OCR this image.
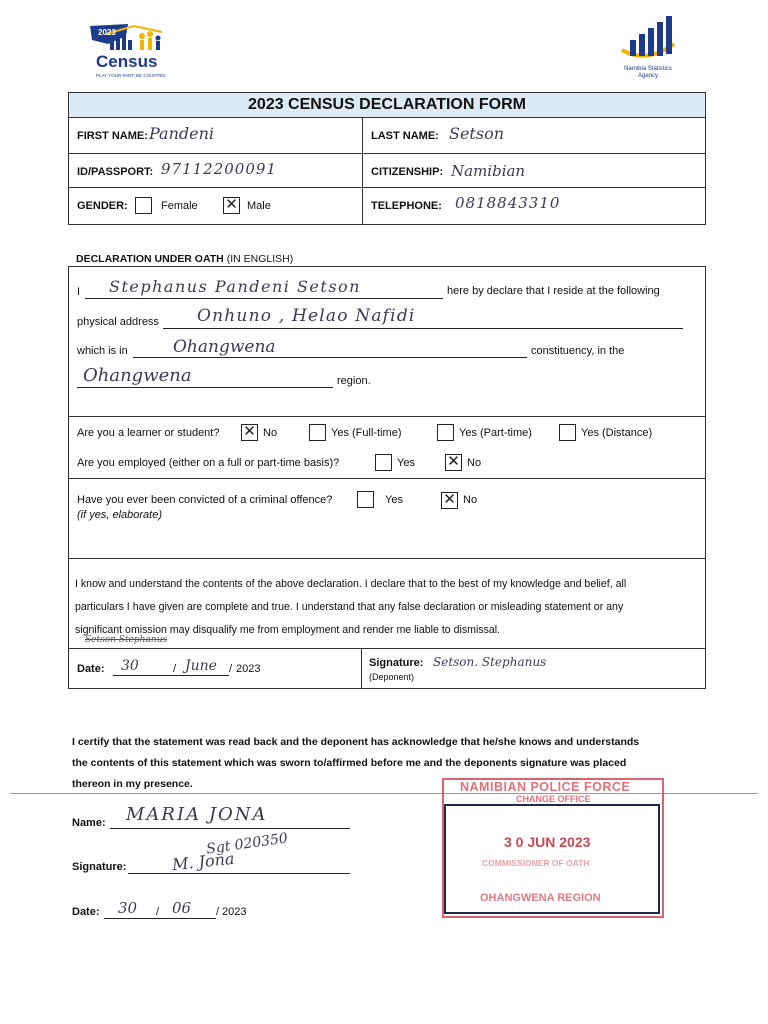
2023
Census
PLAY YOUR PART, BE COUNTED
Namibia Statistics Agency
2023 CENSUS DECLARATION FORM
FIRST NAME: Pandeni	LAST NAME: Setson
ID/PASSPORT: 97112200091	CITIZENSHIP: Namibian
GENDER:	Female ✕ Male	TELEPHONE: 0818843310
DECLARATION UNDER OATH (IN ENGLISH)
I Stephanus Pandeni Setson	here by declare that I reside at the following
physical address Onhuno , Helao Nafidi
which is in	Ohangwena	constituency, in the
Ohangwena	region.
Are you a learner or student? ✕ No	Yes (Full-time)	Yes (Part-time)	Yes (Distance)
Are you employed (either on a full or part-time basis)?	Yes ✕ No
Have you ever been convicted of a criminal offence?
(if yes, elaborate)
Yes	✕ No
I know and understand the contents of the above declaration. I declare that to the best of my knowledge and belief, all
particulars I have given are complete and true. I understand that any false declaration or misleading statement or any
significant omission may disqualify me from employment and render me liable to dismissal.
Setson Stephanus
Date: 30	/ June / 2023	Signature:
(Deponent)
Setson. Stephanus
I certify that the statement was read back and the deponent has acknowledge that he/she knows and understands
the contents of this statement which was sworn to/affirmed before me and the deponents signature was placed
thereon in my presence.
Name: MARIA JONA
Signature:
Sgt 020350
M. Jona
Date: 30 / 06 / 2023
NAMIBIAN POLICE FORCE
CHANGE OFFICE
3 0 JUN 2023
COMMISSIONER OF OATH
OHANGWENA REGION
